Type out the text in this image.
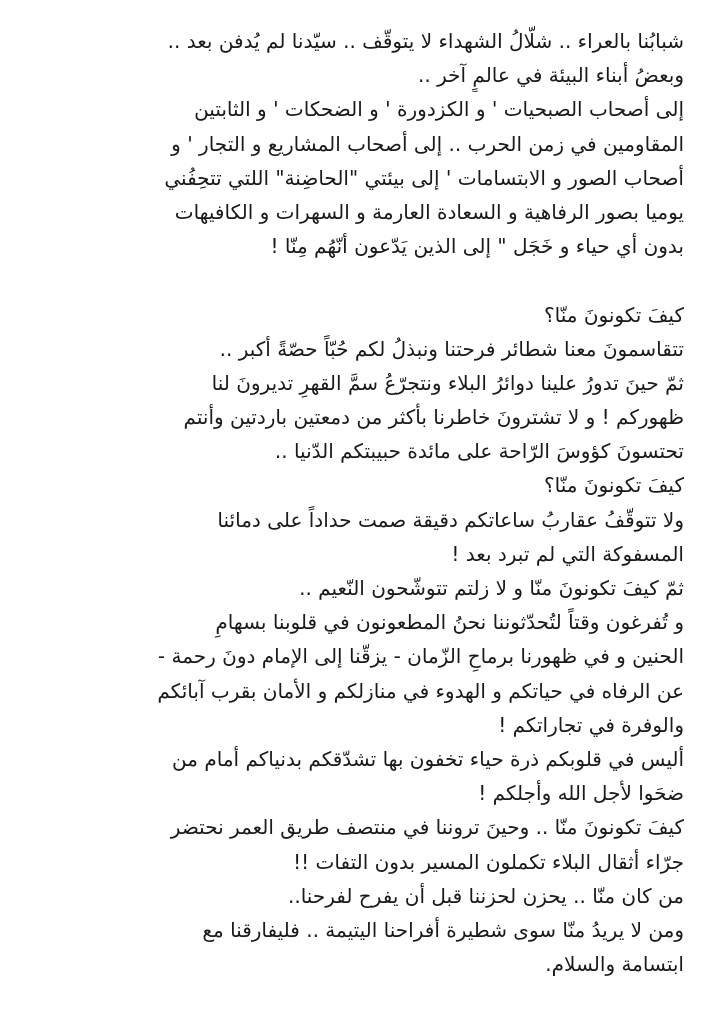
شبابُنا بالعراء .. شلّالُ الشهداء لا يتوقّف .. سيّدنا لم يُدفن بعد ..
وبعضُ أبناء البيئة في عالمٍ آخر ..
إلى أصحاب الصبحيات ' و الكزدورة ' و الضحكات ' و الثابتين
المقاومين في زمن الحرب .. إلى أصحاب المشاريع و التجار ' و
أصحاب الصور و الابتسامات ' إلى بيئتي "الحاضِنة" اللتي تتحِفُني
يوميا بصور الرفاهية و السعادة العارمة و السهرات و الكافيهات
بدون أي حياء و خَجَل " إلى الذين يَدّعون أنّهُم مِنّا !
كيفَ تكونونَ منّا؟
تتقاسمونَ معنا شطائر فرحتنا ونبذلُ لكم حُبّاً حصّةً أكبر ..
ثمّ حينَ تدورُ علينا دوائرُ البلاء ونتجرّعُ سمَّ القهرِ تديرونَ لنا
ظهوركم ! و لا تشترونَ خاطرنا بأكثر من دمعتين باردتين وأنتم
تحتسونَ كؤوسَ الرّاحة على مائدة حبيبتكم الدّنيا ..
كيفَ تكونونَ منّا؟
ولا تتوقّفُ عقاربُ ساعاتكم دقيقة صمت حداداً على دمائنا
المسفوكة التي لم تبرد بعد !
ثمّ كيفَ تكونونَ منّا و لا زلتم تتوشّحون النّعيم ..
و تُفرغون وقتاً لتُحدّثوننا نحنُ المطعونون في قلوبنا بسهامِ
الحنين و في ظهورنا برماحِ الزّمان - يزقّنا إلى الإمام دونَ رحمة -
عن الرفاه في حياتكم و الهدوء في منازلكم و الأمان بقرب آبائكم
والوفرة في تجاراتكم !
أليس في قلوبكم ذرة حياء تخفون بها تشدّقكم بدنياكم أمام من
ضحَوا لأجل الله وأجلكم !
كيفَ تكونونَ منّا .. وحينَ تروننا في منتصف طريق العمر نحتضر
جرّاء أثقال البلاء تكملون المسير بدون التفات !!
من كان منّا .. يحزن لحزننا قبل أن يفرح لفرحنا..
ومن لا يريدُ منّا سوى شطيرة أفراحنا اليتيمة .. فليفارقنا مع
ابتسامة والسلام.
